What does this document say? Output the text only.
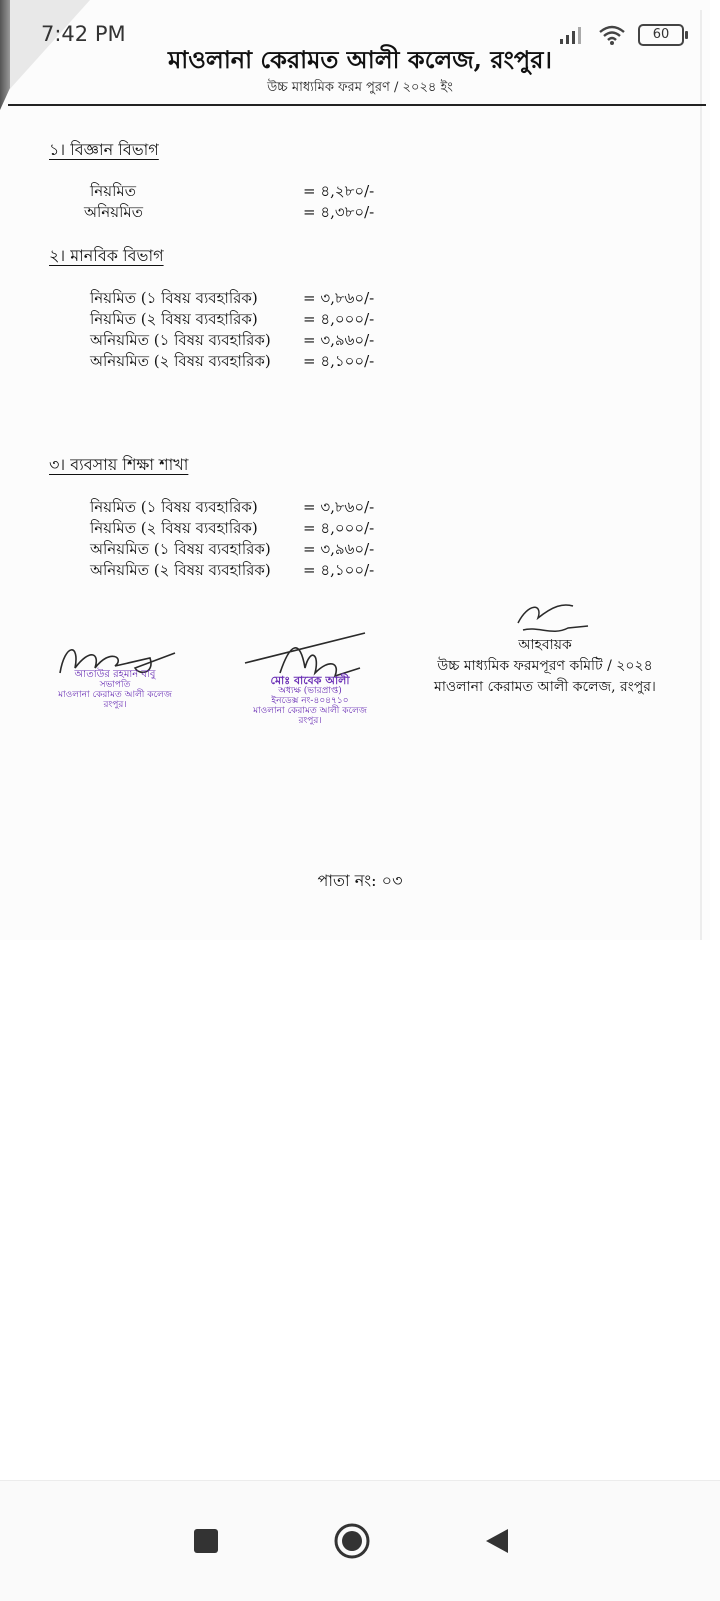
মাওলানা কেরামত আলী কলেজ, রংপুর।
উচ্চ মাধ্যমিক ফরম পুরণ / ২০২৪ ইং
১। বিজ্ঞান বিভাগ
নিয়মিত	= ৪,২৮০/-
অনিয়মিত	= ৪,৩৮০/-
২। মানবিক বিভাগ
নিয়মিত (১ বিষয় ব্যবহারিক)	= ৩,৮৬০/-
নিয়মিত (২ বিষয় ব্যবহারিক)	= ৪,০০০/-
অনিয়মিত (১ বিষয় ব্যবহারিক) = ৩,৯৬০/-
অনিয়মিত (২ বিষয় ব্যবহারিক) = ৪,১০০/-
৩। ব্যবসায় শিক্ষা শাখা
নিয়মিত (১ বিষয় ব্যবহারিক)	= ৩,৮৬০/-
নিয়মিত (২ বিষয় ব্যবহারিক)	= ৪,০০০/-
অনিয়মিত (১ বিষয় ব্যবহারিক) = ৩,৯৬০/-
অনিয়মিত (২ বিষয় ব্যবহারিক) = ৪,১০০/-
আতাউর রহমান বাবু
সভাপতি
মাওলানা কেরামত আলী কলেজ
রংপুর।
মোঃ বাবেক আলী
অধ্যক্ষ (ভারপ্রাপ্ত)
ইনডেক্স নং-৪০৪৭১০
মাওলানা কেরামত আলী কলেজ
রংপুর।
আহবায়ক
উচ্চ মাধ্যমিক ফরমপূরণ কমিটি / ২০২৪
মাওলানা কেরামত আলী কলেজ, রংপুর।
পাতা নং: ০৩
7:42 PM	60
